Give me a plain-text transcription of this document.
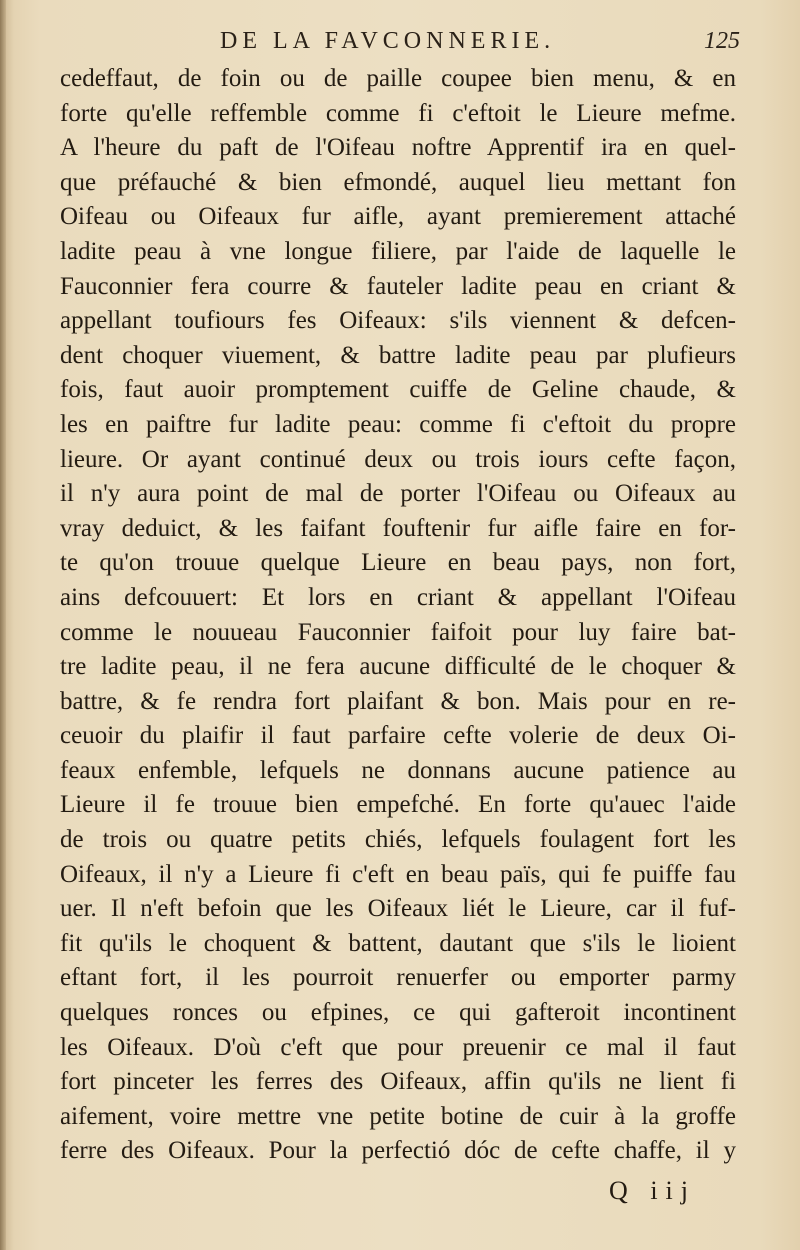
DE LA FAVCONNERIE.	125
cedeffaut, de foin ou de paille coupee bien menu, & en
forte qu'elle reffemble comme fi c'eftoit le Lieure mefme.
A l'heure du paft de l'Oifeau noftre Apprentif ira en quel-
que préfauché & bien efmondé, auquel lieu mettant fon
Oifeau ou Oifeaux fur aifle, ayant premierement attaché
ladite peau à vne longue filiere, par l'aide de laquelle le
Fauconnier fera courre & fauteler ladite peau en criant &
appellant toufiours fes Oifeaux: s'ils viennent & defcen-
dent choquer viuement, & battre ladite peau par plufieurs
fois, faut auoir promptement cuiffe de Geline chaude, &
les en paiftre fur ladite peau: comme fi c'eftoit du propre
lieure. Or ayant continué deux ou trois iours cefte façon,
il n'y aura point de mal de porter l'Oifeau ou Oifeaux au
vray deduict, & les faifant fouftenir fur aifle faire en for-
te qu'on trouue quelque Lieure en beau pays, non fort,
ains defcouuert: Et lors en criant & appellant l'Oifeau
comme le nouueau Fauconnier faifoit pour luy faire bat-
tre ladite peau, il ne fera aucune difficulté de le choquer &
battre, & fe rendra fort plaifant & bon. Mais pour en re-
ceuoir du plaifir il faut parfaire cefte volerie de deux Oi-
feaux enfemble, lefquels ne donnans aucune patience au
Lieure il fe trouue bien empefché. En forte qu'auec l'aide
de trois ou quatre petits chiés, lefquels foulagent fort les
Oifeaux, il n'y a Lieure fi c'eft en beau païs, qui fe puiffe fau
uer. Il n'eft befoin que les Oifeaux liét le Lieure, car il fuf-
fit qu'ils le choquent & battent, dautant que s'ils le lioient
eftant fort, il les pourroit renuerfer ou emporter parmy
quelques ronces ou efpines, ce qui gafteroit incontinent
les Oifeaux. D'où c'eft que pour preuenir ce mal il faut
fort pinceter les ferres des Oifeaux, affin qu'ils ne lient fi
aifement, voire mettre vne petite botine de cuir à la groffe
ferre des Oifeaux. Pour la perfectió dóc de cefte chaffe, il y
Q iij
